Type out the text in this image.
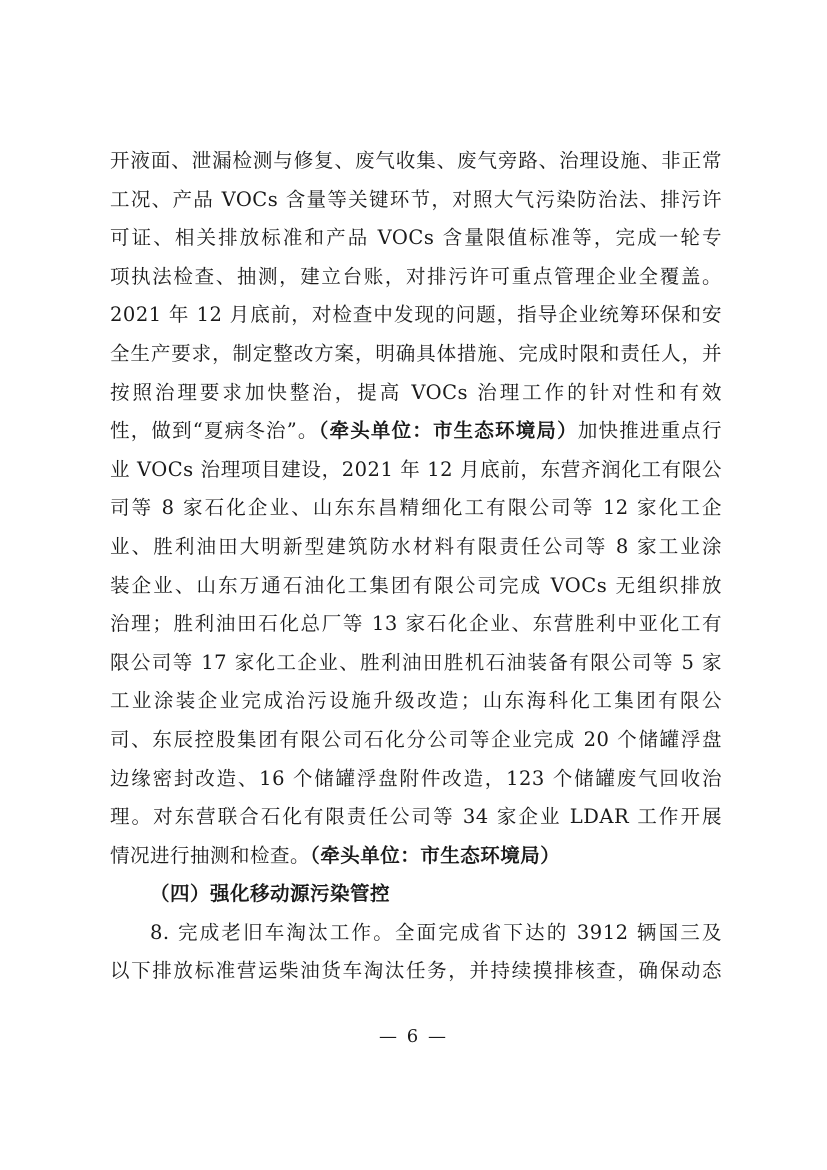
开液面、泄漏检测与修复、废气收集、废气旁路、治理设施、非正常
工况、产品 VOCs 含量等关键环节，对照大气污染防治法、排污许
可证、相关排放标准和产品 VOCs 含量限值标准等，完成一轮专
项执法检查、抽测，建立台账，对排污许可重点管理企业全覆盖。
2021 年 12 月底前，对检查中发现的问题，指导企业统筹环保和安
全生产要求，制定整改方案，明确具体措施、完成时限和责任人，并
按照治理要求加快整治，提高 VOCs 治理工作的针对性和有效
性，做到“夏病冬治”。（牵头单位：市生态环境局）加快推进重点行
业 VOCs 治理项目建设，2021 年 12 月底前，东营齐润化工有限公
司等 8 家石化企业、山东东昌精细化工有限公司等 12 家化工企
业、胜利油田大明新型建筑防水材料有限责任公司等 8 家工业涂
装企业、山东万通石油化工集团有限公司完成 VOCs 无组织排放
治理；胜利油田石化总厂等 13 家石化企业、东营胜利中亚化工有
限公司等 17 家化工企业、胜利油田胜机石油装备有限公司等 5 家
工业涂装企业完成治污设施升级改造；山东海科化工集团有限公
司、东辰控股集团有限公司石化分公司等企业完成 20 个储罐浮盘
边缘密封改造、16 个储罐浮盘附件改造，123 个储罐废气回收治
理。对东营联合石化有限责任公司等 34 家企业 LDAR 工作开展
情况进行抽测和检查。（牵头单位：市生态环境局）
（四）强化移动源污染管控
8. 完成老旧车淘汰工作。全面完成省下达的 3912 辆国三及
以下排放标准营运柴油货车淘汰任务，并持续摸排核查，确保动态
— 6 —
